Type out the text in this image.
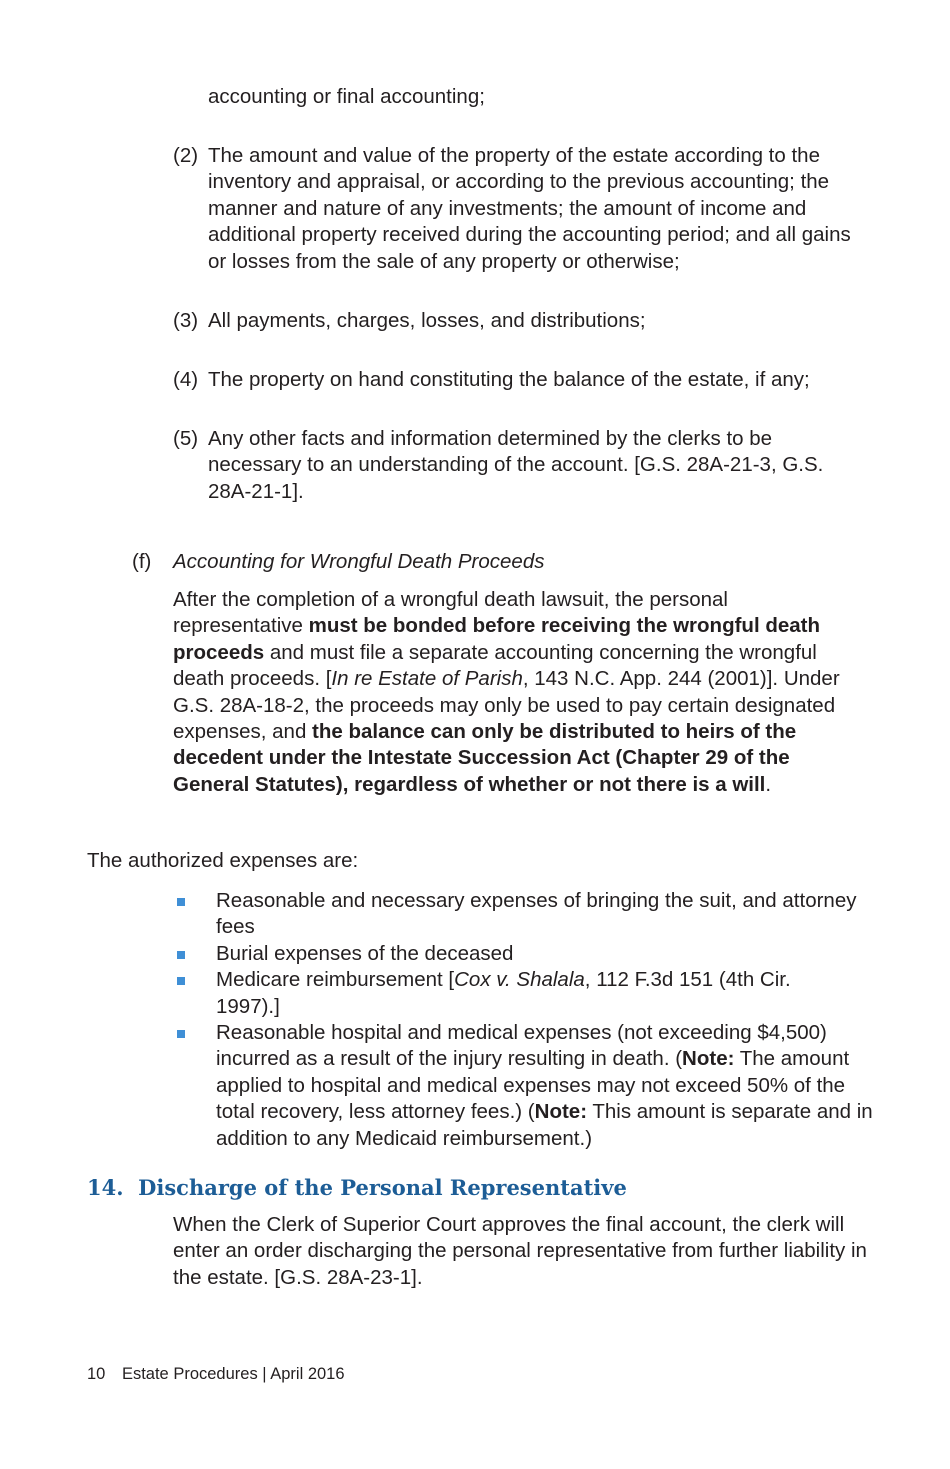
accounting or final accounting;

(2) The amount and value of the property of the estate according to the inventory and appraisal, or according to the previous accounting; the manner and nature of any investments; the amount of income and additional property received during the accounting period; and all gains or losses from the sale of any property or otherwise;

(3) All payments, charges, losses, and distributions;

(4) The property on hand constituting the balance of the estate, if any;

(5) Any other facts and information determined by the clerks to be necessary to an understanding of the account. [G.S. 28A-21-3, G.S. 28A-21-1].

(f) Accounting for Wrongful Death Proceeds

After the completion of a wrongful death lawsuit, the personal representative must be bonded before receiving the wrongful death proceeds and must file a separate accounting concerning the wrongful death proceeds. [In re Estate of Parish, 143 N.C. App. 244 (2001)]. Under G.S. 28A-18-2, the proceeds may only be used to pay certain designated expenses, and the balance can only be distributed to heirs of the decedent under the Intestate Succession Act (Chapter 29 of the General Statutes), regardless of whether or not there is a will.

The authorized expenses are:

Reasonable and necessary expenses of bringing the suit, and attorney fees
Burial expenses of the deceased
Medicare reimbursement [Cox v. Shalala, 112 F.3d 151 (4th Cir. 1997).]
Reasonable hospital and medical expenses (not exceeding $4,500) incurred as a result of the injury resulting in death. (Note: The amount applied to hospital and medical expenses may not exceed 50% of the total recovery, less attorney fees.) (Note: This amount is separate and in addition to any Medicaid reimbursement.)
14.  Discharge of the Personal Representative

When the Clerk of Superior Court approves the final account, the clerk will enter an order discharging the personal representative from further liability in the estate. [G.S. 28A-23-1].

10 Estate Procedures | April 2016
